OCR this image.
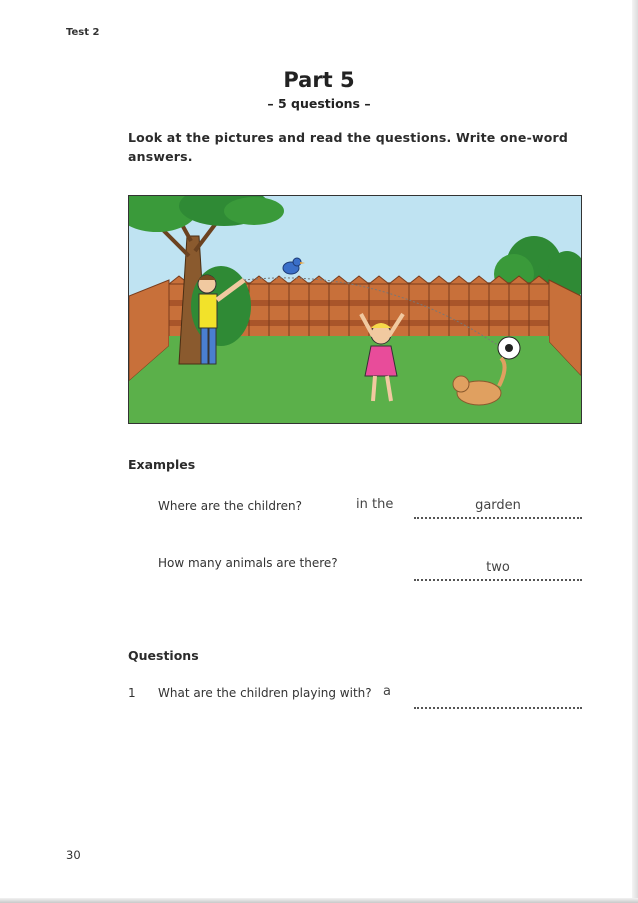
Test 2
Part 5
– 5 questions –
Look at the pictures and read the questions. Write one-word answers.
Examples
Where are the children?	in the	garden
How many animals are there?	two
Questions
1 What are the children playing with? a
30
